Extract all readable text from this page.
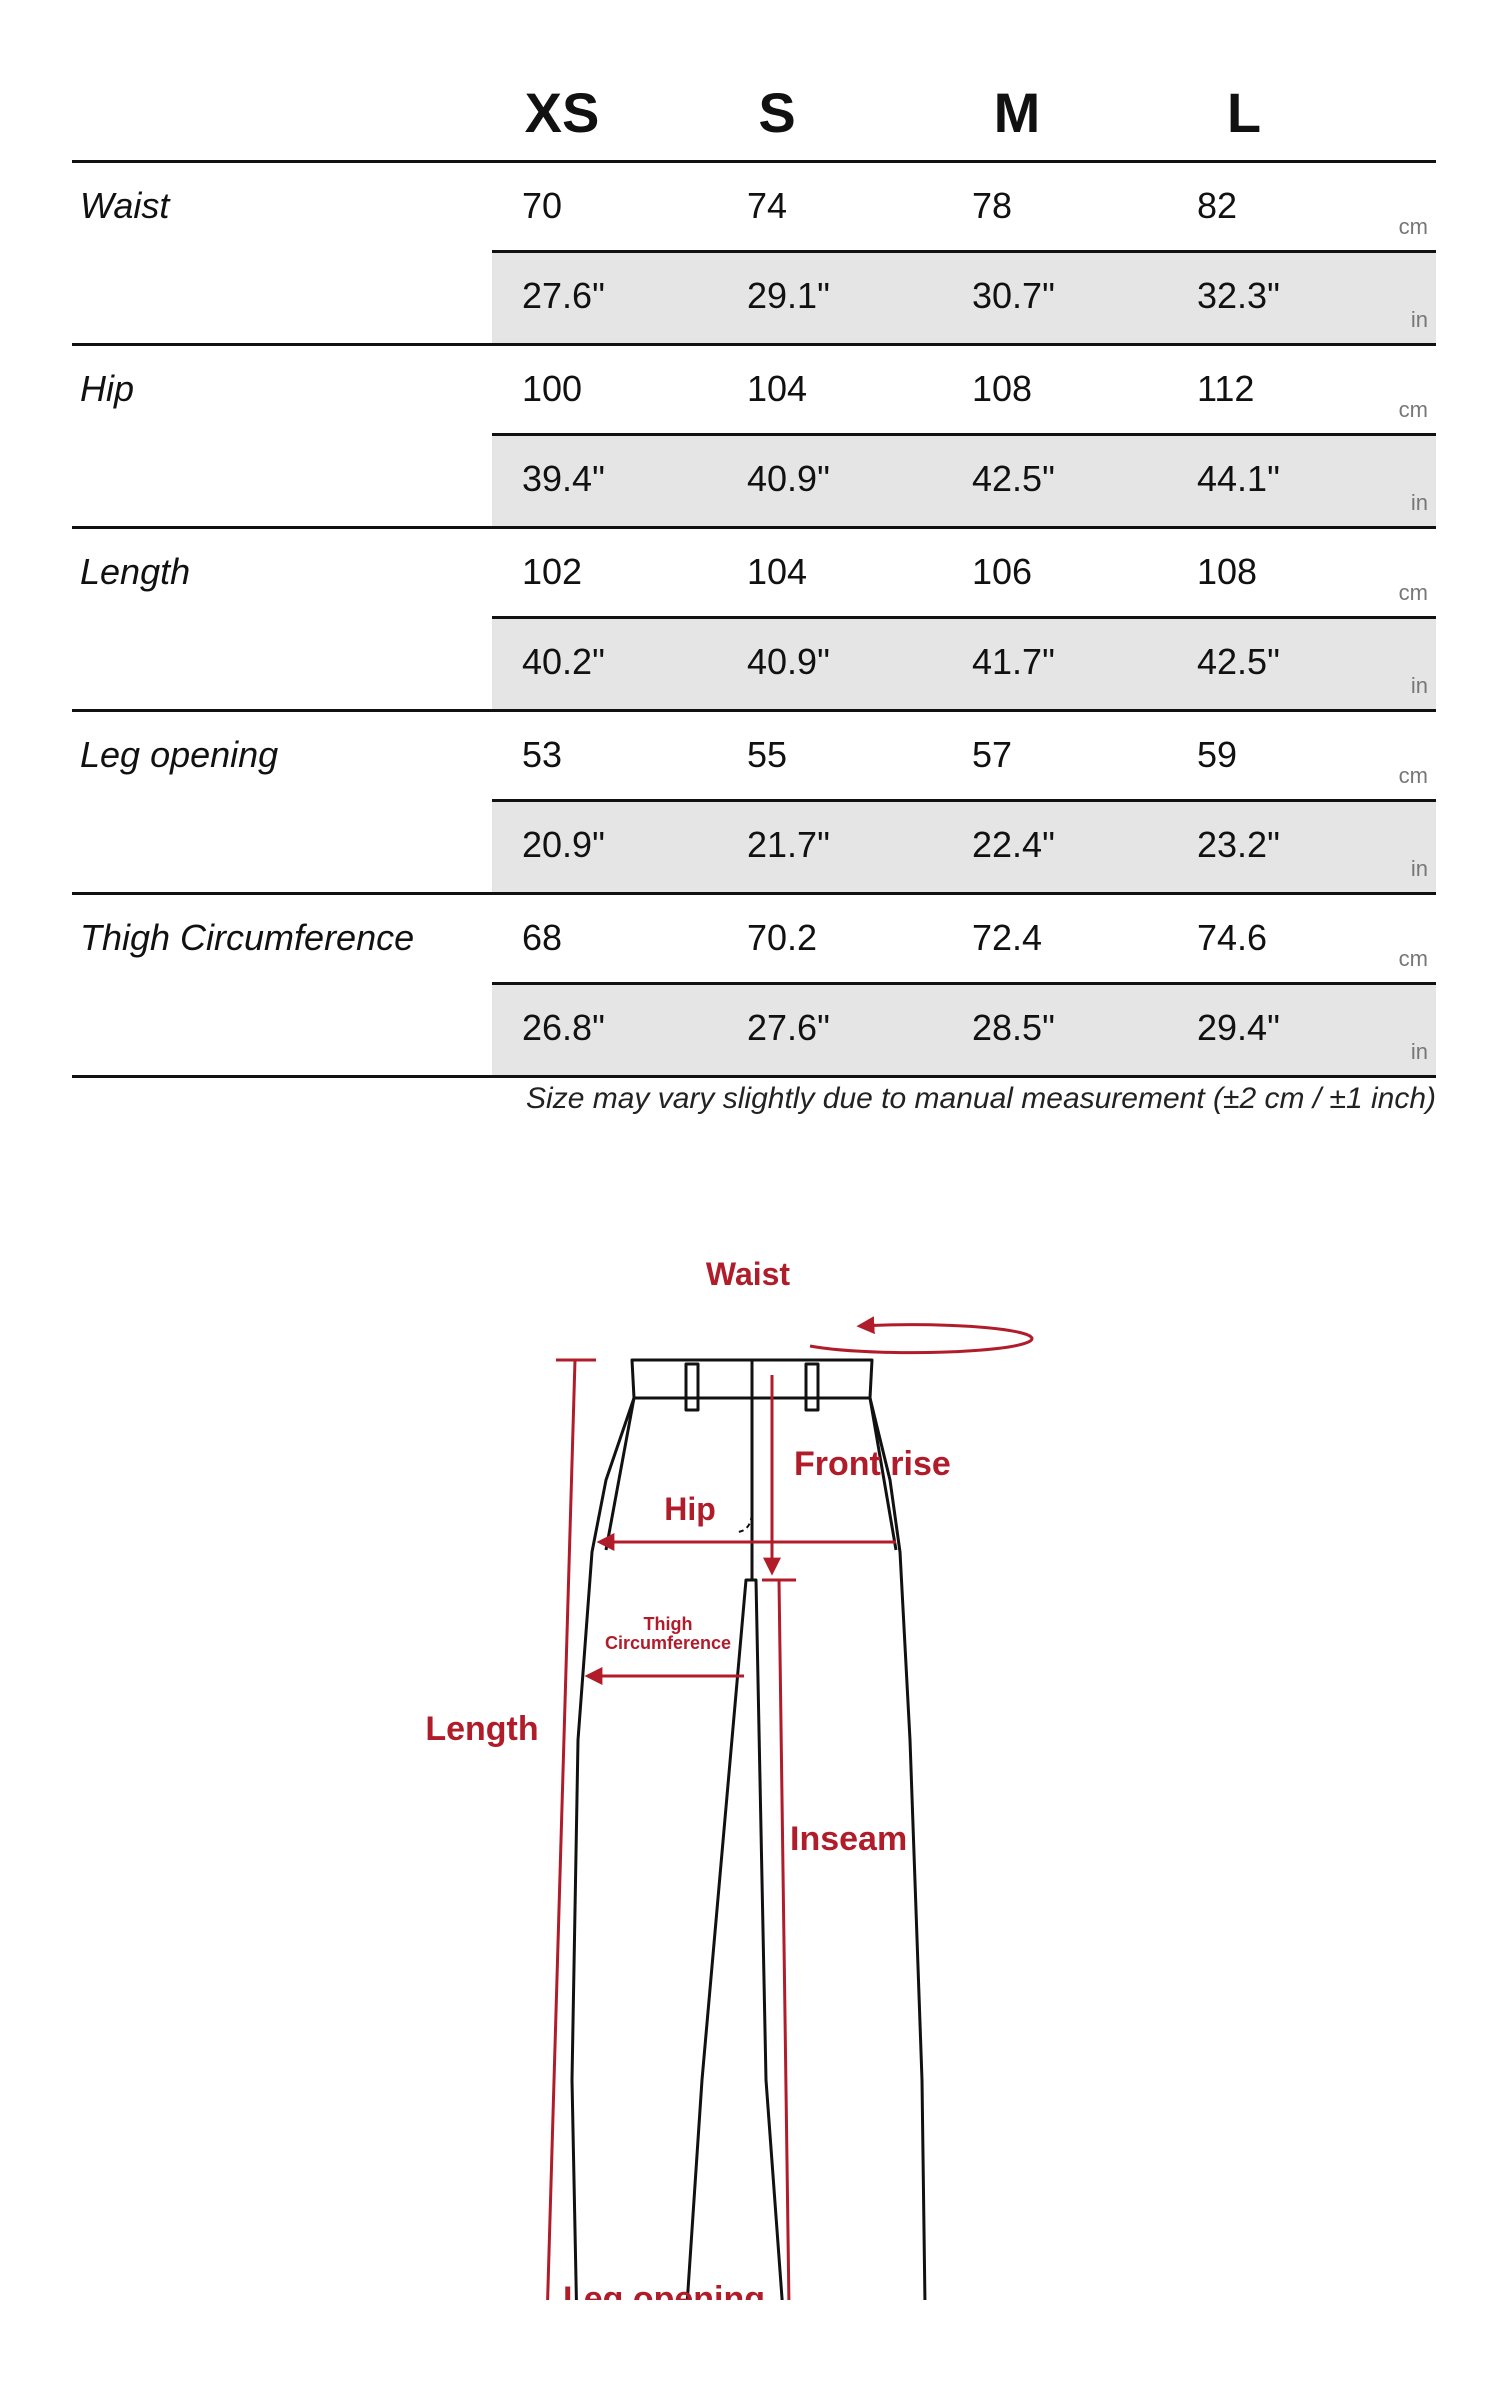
XS	S	M	L
Waist	70	74	78	82
cm
27.6"	29.1"	30.7"	32.3"
in
Hip	100	104	108	112
cm
39.4"	40.9"	42.5"	44.1"
in
Length	102	104	106	108
cm
40.2"	40.9"	41.7"	42.5"
in
Leg opening	53	55	57	59
cm
20.9"	21.7"	22.4"	23.2"
in
Thigh Circumference	68	70.2	72.4	74.6
cm
26.8"	27.6"	28.5"	29.4"
in
Size may vary slightly due to manual measurement (±2 cm / ±1 inch)
Waist
Front rise
Hip
Thigh
Circumference
Length
Inseam
Leg opening
